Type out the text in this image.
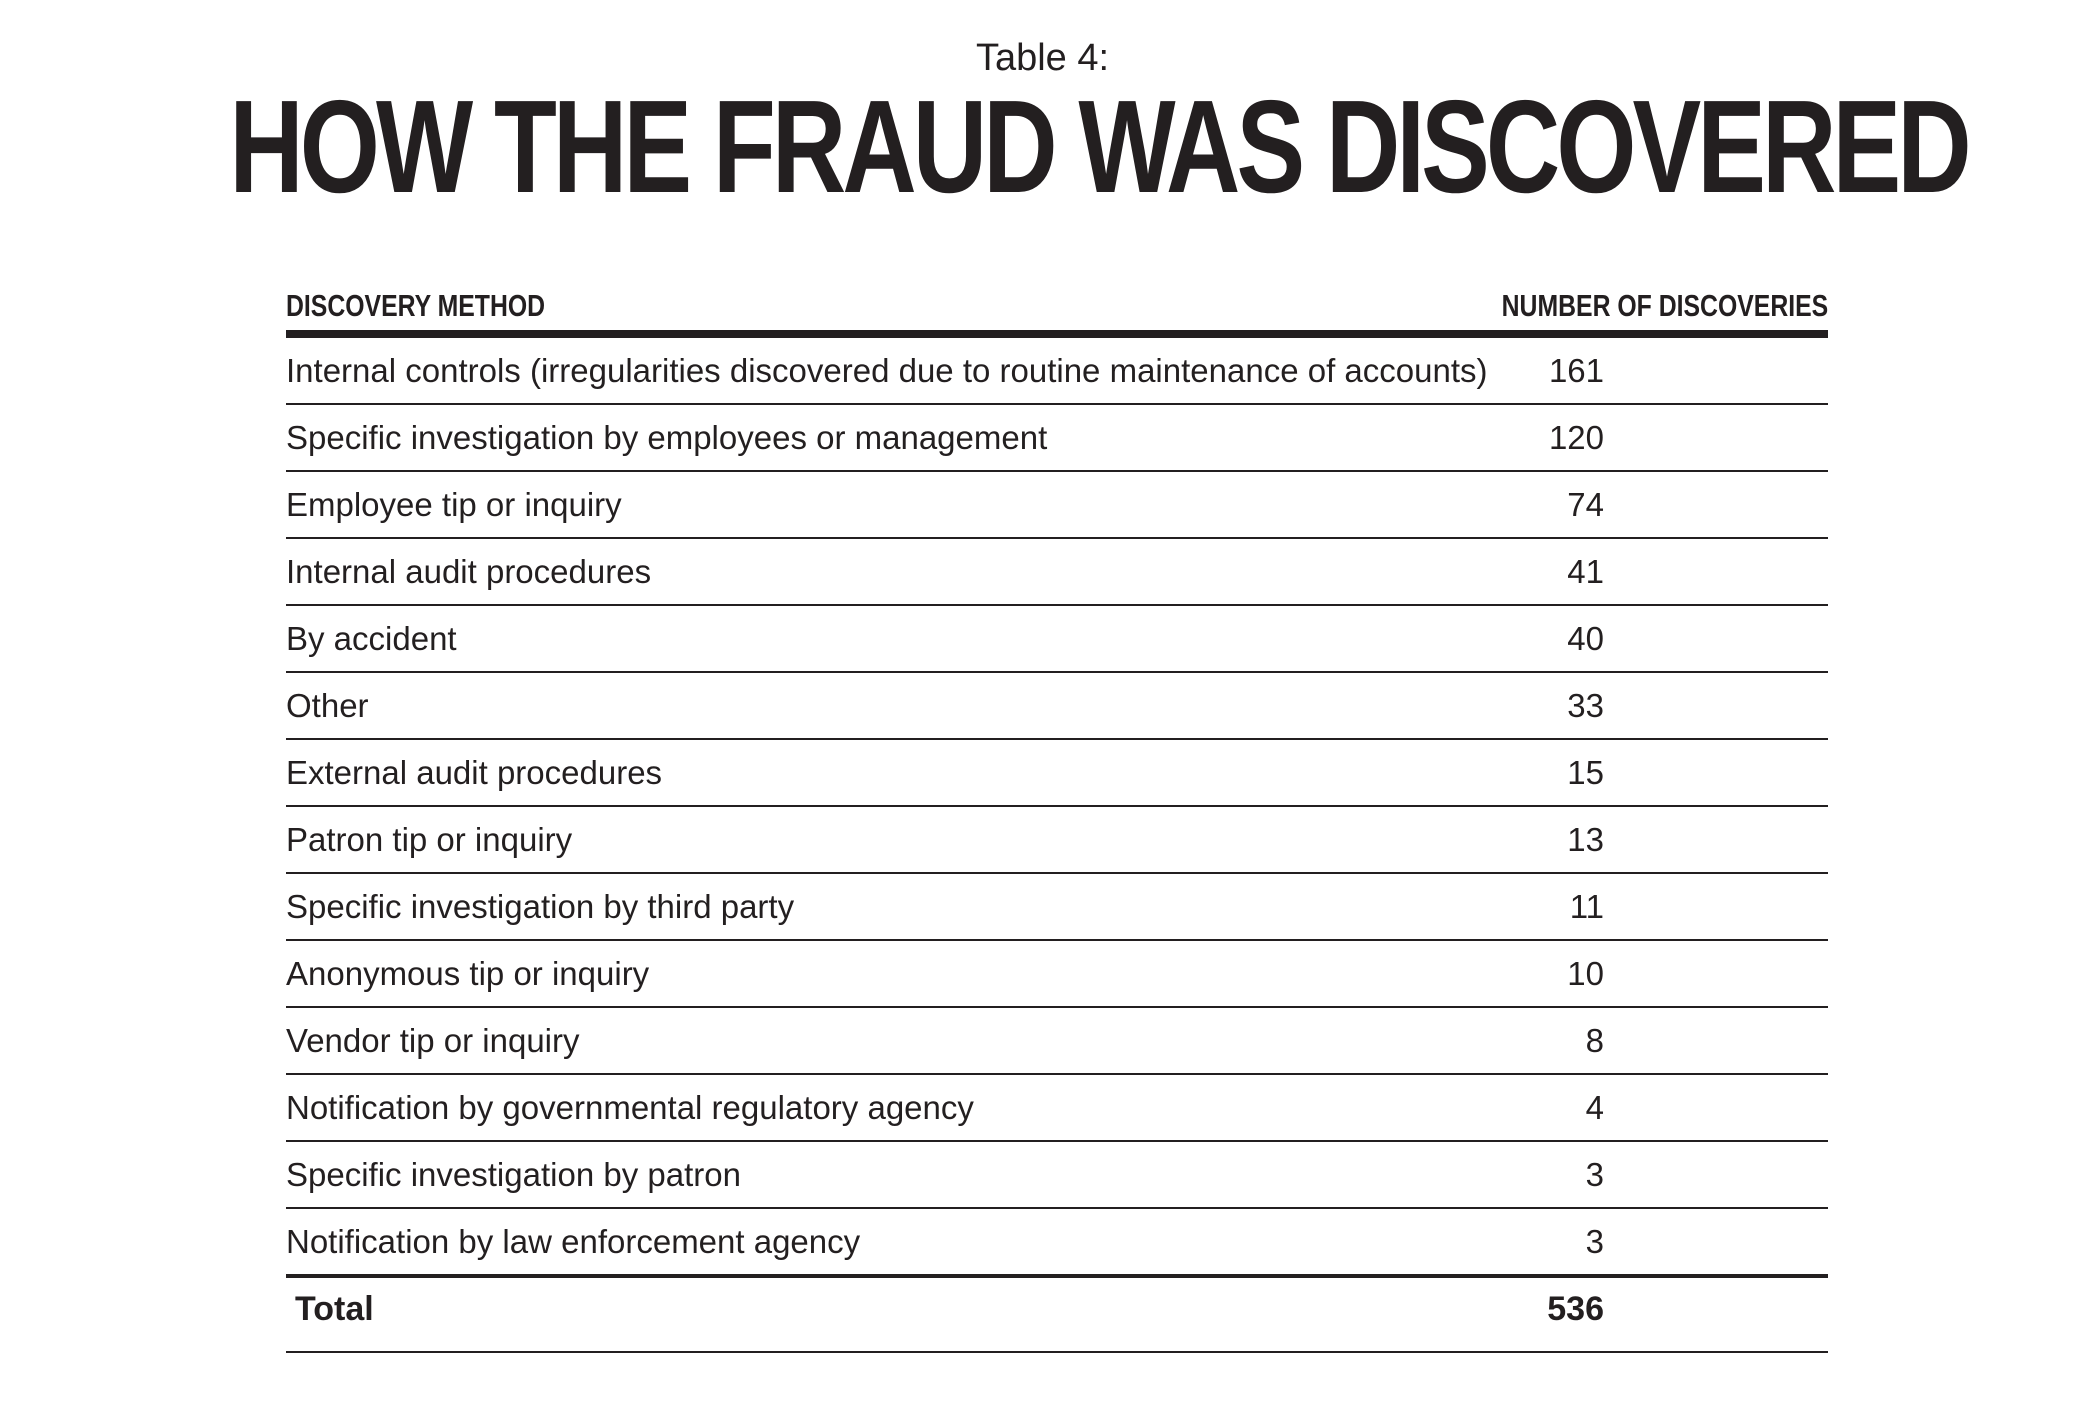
Table 4:
HOW THE FRAUD WAS DISCOVERED
DISCOVERY METHOD	NUMBER OF DISCOVERIES
Internal controls (irregularities discovered due to routine maintenance of accounts) 161
Specific investigation by employees or management	120
Employee tip or inquiry	74
Internal audit procedures	41
By accident	40
Other	33
External audit procedures	15
Patron tip or inquiry	13
Specific investigation by third party	11
Anonymous tip or inquiry	10
Vendor tip or inquiry	8
Notification by governmental regulatory agency	4
Specific investigation by patron	3
Notification by law enforcement agency	3
Total	536
